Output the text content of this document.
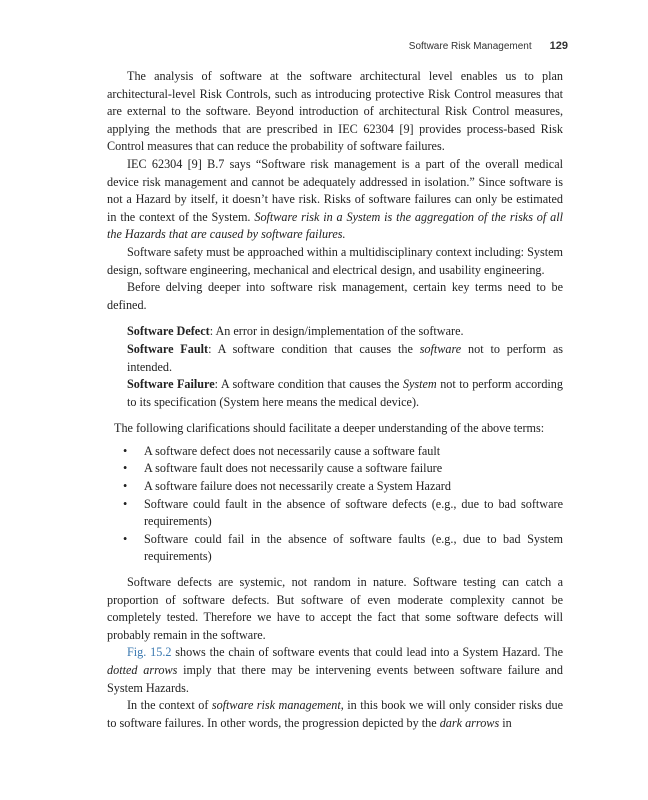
Software Risk Management 129

The analysis of software at the software architectural level enables us to plan architectural-level Risk Controls, such as introducing protective Risk Control measures that are external to the software. Beyond introduction of architectural Risk Control measures, applying the methods that are prescribed in IEC 62304 [9] provides process-based Risk Control measures that can reduce the probability of software failures.

IEC 62304 [9] B.7 says “Software risk management is a part of the overall medical device risk management and cannot be adequately addressed in isolation.” Since software is not a Hazard by itself, it doesn’t have risk. Risks of software failures can only be estimated in the context of the System. Software risk in a System is the aggregation of the risks of all the Hazards that are caused by software failures.

Software safety must be approached within a multidisciplinary context including: System design, software engineering, mechanical and electrical design, and usability engineering.

Before delving deeper into software risk management, certain key terms need to be defined.

Software Defect: An error in design/implementation of the software.

Software Fault: A software condition that causes the software not to perform as intended.

Software Failure: A software condition that causes the System not to perform according to its specification (System here means the medical device).

The following clarifications should facilitate a deeper understanding of the above terms:

• A software defect does not necessarily cause a software fault
• A software fault does not necessarily cause a software failure
• A software failure does not necessarily create a System Hazard
• Software could fault in the absence of software defects (e.g., due to bad software requirements)
• Software could fail in the absence of software faults (e.g., due to bad System requirements)

Software defects are systemic, not random in nature. Software testing can catch a proportion of software defects. But software of even moderate complexity cannot be completely tested. Therefore we have to accept the fact that some software defects will probably remain in the software.

Fig. 15.2 shows the chain of software events that could lead into a System Hazard. The dotted arrows imply that there may be intervening events between software failure and System Hazards.

In the context of software risk management, in this book we will only consider risks due to software failures. In other words, the progression depicted by the dark arrows in
